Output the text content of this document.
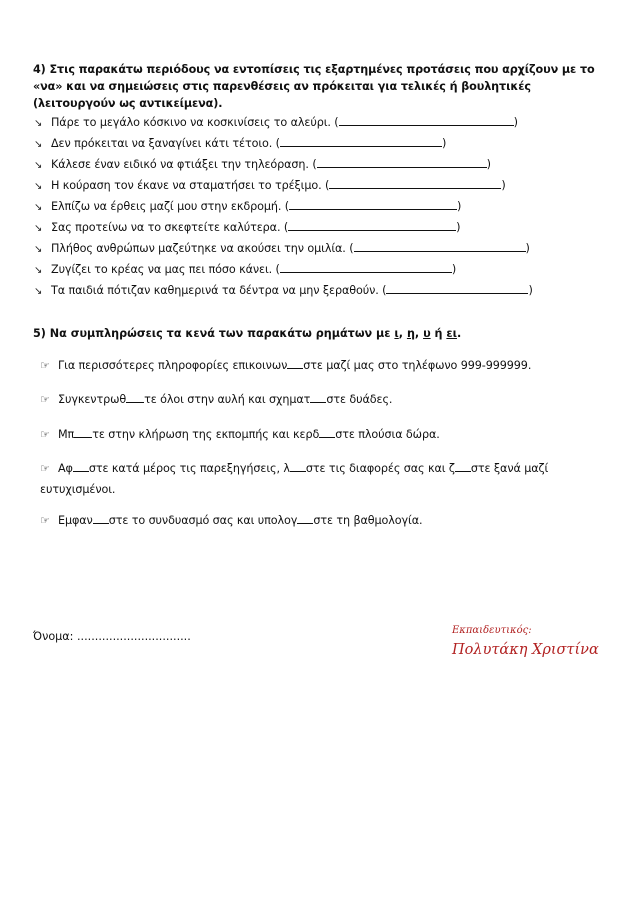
4) Στις παρακάτω περιόδους να εντοπίσεις τις εξαρτημένες προτάσεις που αρχίζουν με το «να» και να σημειώσεις στις παρενθέσεις αν πρόκειται για τελικές ή βουλητικές (λειτουργούν ως αντικείμενα).
↘ Πάρε το μεγάλο κόσκινο να κοσκινίσεις το αλεύρι. (	)
↘ Δεν πρόκειται να ξαναγίνει κάτι τέτοιο. (	)
↘ Κάλεσε έναν ειδικό να φτιάξει την τηλεόραση. (	)
↘ Η κούραση τον έκανε να σταματήσει το τρέξιμο. (	)
↘ Ελπίζω να έρθεις μαζί μου στην εκδρομή. (	)
↘ Σας προτείνω να το σκεφτείτε καλύτερα. (	)
↘ Πλήθος ανθρώπων μαζεύτηκε να ακούσει την ομιλία. (	)
↘ Ζυγίζει το κρέας να μας πει πόσο κάνει. (	)
↘ Τα παιδιά πότιζαν καθημερινά τα δέντρα να μην ξεραθούν. (	)
5) Να συμπληρώσεις τα κενά των παρακάτω ρημάτων με ι, η, υ ή ει.
☞ Για περισσότερες πληροφορίες επικοινων στε μαζί μας στο τηλέφωνο 999-999999.
☞ Συγκεντρωθ τε όλοι στην αυλή και σχηματ στε δυάδες.
☞ Μπ τε στην κλήρωση της εκπομπής και κερδ στε πλούσια δώρα.
☞ Αφ στε κατά μέρος τις παρεξηγήσεις, λ στε τις διαφορές σας και ζ στε ξανά μαζί
ευτυχισμένοι.
☞ Εμφαν στε το συνδυασμό σας και υπολογ στε τη βαθμολογία.
Όνομα: ................................	Εκπαιδευτικός:
Πολυτάκη Χριστίνα
